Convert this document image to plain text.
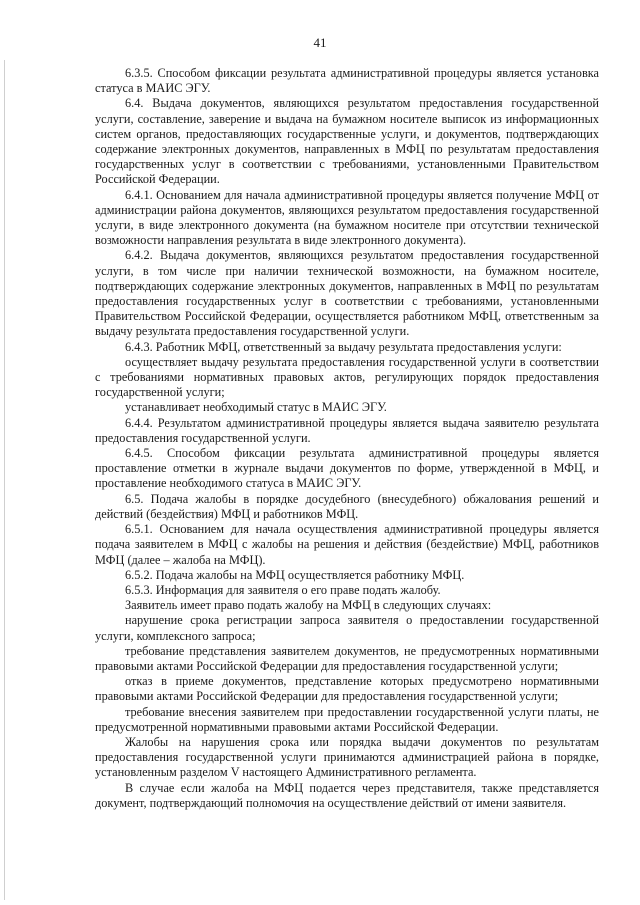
41

6.3.5. Способом фиксации результата административной процедуры является установка статуса в МАИС ЭГУ.

6.4. Выдача документов, являющихся результатом предоставления государственной услуги, составление, заверение и выдача на бумажном носителе выписок из информационных систем органов, предоставляющих государственные услуги, и документов, подтверждающих содержание электронных документов, направленных в МФЦ по результатам предоставления государственных услуг в соответствии с требованиями, установленными Правительством Российской Федерации.

6.4.1. Основанием для начала административной процедуры является получение МФЦ от администрации района документов, являющихся результатом предоставления государственной услуги, в виде электронного документа (на бумажном носителе при отсутствии технической возможности направления результата в виде электронного документа).

6.4.2. Выдача документов, являющихся результатом предоставления государственной услуги, в том числе при наличии технической возможности, на бумажном носителе, подтверждающих содержание электронных документов, направленных в МФЦ по результатам предоставления государственных услуг в соответствии с требованиями, установленными Правительством Российской Федерации, осуществляется работником МФЦ, ответственным за выдачу результата предоставления государственной услуги.

6.4.3. Работник МФЦ, ответственный за выдачу результата предоставления услуги:

осуществляет выдачу результата предоставления государственной услуги в соответствии с требованиями нормативных правовых актов, регулирующих порядок предоставления государственной услуги;

устанавливает необходимый статус в МАИС ЭГУ.

6.4.4. Результатом административной процедуры является выдача заявителю результата предоставления государственной услуги.

6.4.5. Способом фиксации результата административной процедуры является проставление отметки в журнале выдачи документов по форме, утвержденной в МФЦ, и проставление необходимого статуса в МАИС ЭГУ.

6.5. Подача жалобы в порядке досудебного (внесудебного) обжалования решений и действий (бездействия) МФЦ и работников МФЦ.

6.5.1. Основанием для начала осуществления административной процедуры является подача заявителем в МФЦ с жалобы на решения и действия (бездействие) МФЦ, работников МФЦ (далее – жалоба на МФЦ).

6.5.2. Подача жалобы на МФЦ осуществляется работнику МФЦ.

6.5.3. Информация для заявителя о его праве подать жалобу.

Заявитель имеет право подать жалобу на МФЦ в следующих случаях:

нарушение срока регистрации запроса заявителя о предоставлении государственной услуги, комплексного запроса;

требование представления заявителем документов, не предусмотренных нормативными правовыми актами Российской Федерации для предоставления государственной услуги;

отказ в приеме документов, представление которых предусмотрено нормативными правовыми актами Российской Федерации для предоставления государственной услуги;

требование внесения заявителем при предоставлении государственной услуги платы, не предусмотренной нормативными правовыми актами Российской Федерации.

Жалобы на нарушения срока или порядка выдачи документов по результатам предоставления государственной услуги принимаются администрацией района в порядке, установленным разделом V настоящего Административного регламента.

В случае если жалоба на МФЦ подается через представителя, также представляется документ, подтверждающий полномочия на осуществление действий от имени заявителя.
